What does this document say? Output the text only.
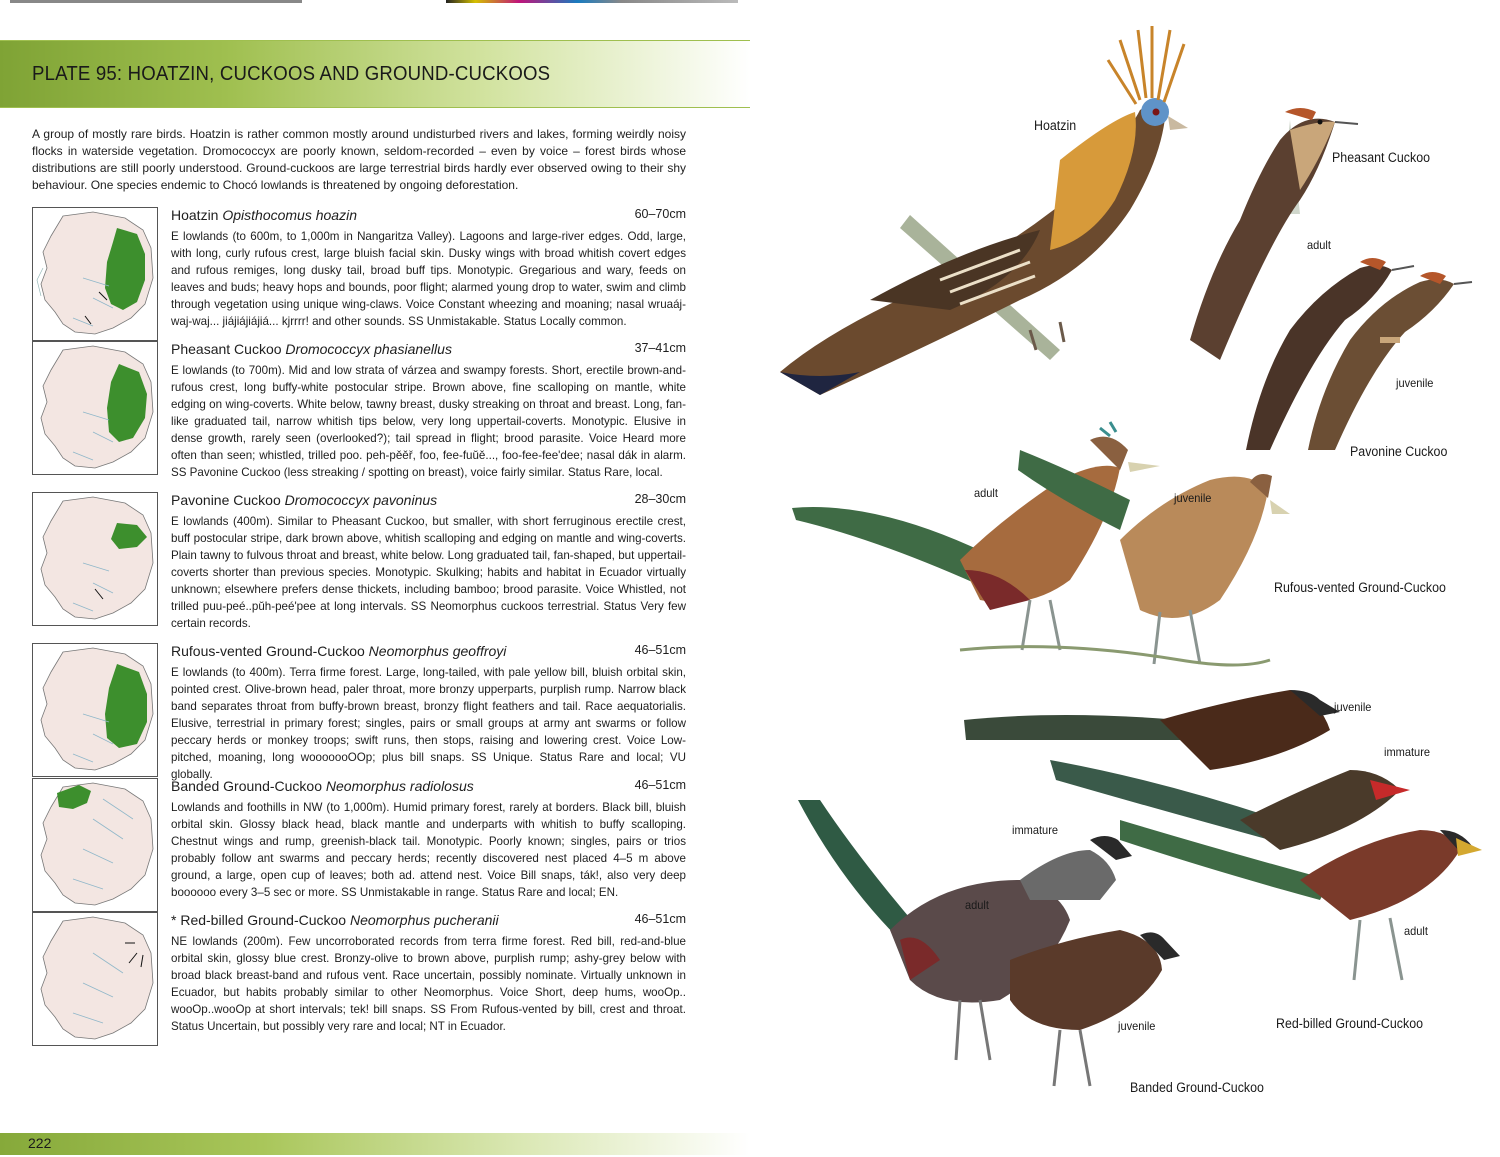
PLATE 95: HOATZIN, CUCKOOS AND GROUND-CUCKOOS
A group of mostly rare birds. Hoatzin is rather common mostly around undisturbed rivers and lakes, forming weirdly noisy flocks in waterside vegetation. Dromococcyx are poorly known, seldom-recorded – even by voice – forest birds whose distributions are still poorly understood. Ground-cuckoos are large terrestrial birds hardly ever observed owing to their shy behaviour. One species endemic to Chocó lowlands is threatened by ongoing deforestation.
Hoatzin Opisthocomus hoazin	60–70cm
E lowlands (to 600m, to 1,000m in Nangaritza Valley). Lagoons and large-river edges. Odd, large, with long, curly rufous crest, large bluish facial skin. Dusky wings with broad whitish covert edges and rufous remiges, long dusky tail, broad buff tips. Monotypic. Gregarious and wary, feeds on leaves and buds; heavy hops and bounds, poor flight; alarmed young drop to water, swim and climb through vegetation using unique wing-claws. Voice Constant wheezing and moaning; nasal wruaáj-waj-waj... jiájiájiájiá... kjrrrr! and other sounds. SS Unmistakable. Status Locally common.
Pheasant Cuckoo Dromococcyx phasianellus	37–41cm
E lowlands (to 700m). Mid and low strata of várzea and swampy forests. Short, erectile brown-and-rufous crest, long buffy-white postocular stripe. Brown above, fine scalloping on mantle, white edging on wing-coverts. White below, tawny breast, dusky streaking on throat and breast. Long, fan-like graduated tail, narrow whitish tips below, very long uppertail-coverts. Monotypic. Elusive in dense growth, rarely seen (overlooked?); tail spread in flight; brood parasite. Voice Heard more often than seen; whistled, trilled poo. peh-pěěř, foo, fee-fuŭě..., foo-fee-fee'dee; nasal dák in alarm. SS Pavonine Cuckoo (less streaking / spotting on breast), voice fairly similar. Status Rare, local.
Pavonine Cuckoo Dromococcyx pavoninus	28–30cm
E lowlands (400m). Similar to Pheasant Cuckoo, but smaller, with short ferruginous erectile crest, buff postocular stripe, dark brown above, whitish scalloping and edging on mantle and wing-coverts. Plain tawny to fulvous throat and breast, white below. Long graduated tail, fan-shaped, but uppertail-coverts shorter than previous species. Monotypic. Skulking; habits and habitat in Ecuador virtually unknown; elsewhere prefers dense thickets, including bamboo; brood parasite. Voice Whistled, not trilled puu-peé..pŭh-peé'pee at long intervals. SS Neomorphus cuckoos terrestrial. Status Very few certain records.
Rufous-vented Ground-Cuckoo Neomorphus geoffroyi	46–51cm
E lowlands (to 400m). Terra firme forest. Large, long-tailed, with pale yellow bill, bluish orbital skin, pointed crest. Olive-brown head, paler throat, more bronzy upperparts, purplish rump. Narrow black band separates throat from buffy-brown breast, bronzy flight feathers and tail. Race aequatorialis. Elusive, terrestrial in primary forest; singles, pairs or small groups at army ant swarms or follow peccary herds or monkey troops; swift runs, then stops, raising and lowering crest. Voice Low-pitched, moaning, long wooooooOOp; plus bill snaps. SS Unique. Status Rare and local; VU globally.
Banded Ground-Cuckoo Neomorphus radiolosus	46–51cm
Lowlands and foothills in NW (to 1,000m). Humid primary forest, rarely at borders. Black bill, bluish orbital skin. Glossy black head, black mantle and underparts with whitish to buffy scalloping. Chestnut wings and rump, greenish-black tail. Monotypic. Poorly known; singles, pairs or trios probably follow ant swarms and peccary herds; recently discovered nest placed 4–5 m above ground, a large, open cup of leaves; both ad. attend nest. Voice Bill snaps, ták!, also very deep boooooo every 3–5 sec or more. SS Unmistakable in range. Status Rare and local; EN.
* Red-billed Ground-Cuckoo Neomorphus pucheranii	46–51cm
NE lowlands (200m). Few uncorroborated records from terra firme forest. Red bill, red-and-blue orbital skin, glossy blue crest. Bronzy-olive to brown above, purplish rump; ashy-grey below with broad black breast-band and rufous vent. Race uncertain, possibly nominate. Virtually unknown in Ecuador, but habits probably similar to other Neomorphus. Voice Short, deep hums, wooOp.. wooOp..wooOp at short intervals; tek! bill snaps. SS From Rufous-vented by bill, crest and throat. Status Uncertain, but possibly very rare and local; NT in Ecuador.
222
Hoatzin
Pheasant Cuckoo
adult
juvenile
Pavonine Cuckoo
adult	juvenile
Rufous-vented Ground-Cuckoo
juvenile
immature
adult
Red-billed Ground-Cuckoo
immature
adult
juvenile
Banded Ground-Cuckoo
